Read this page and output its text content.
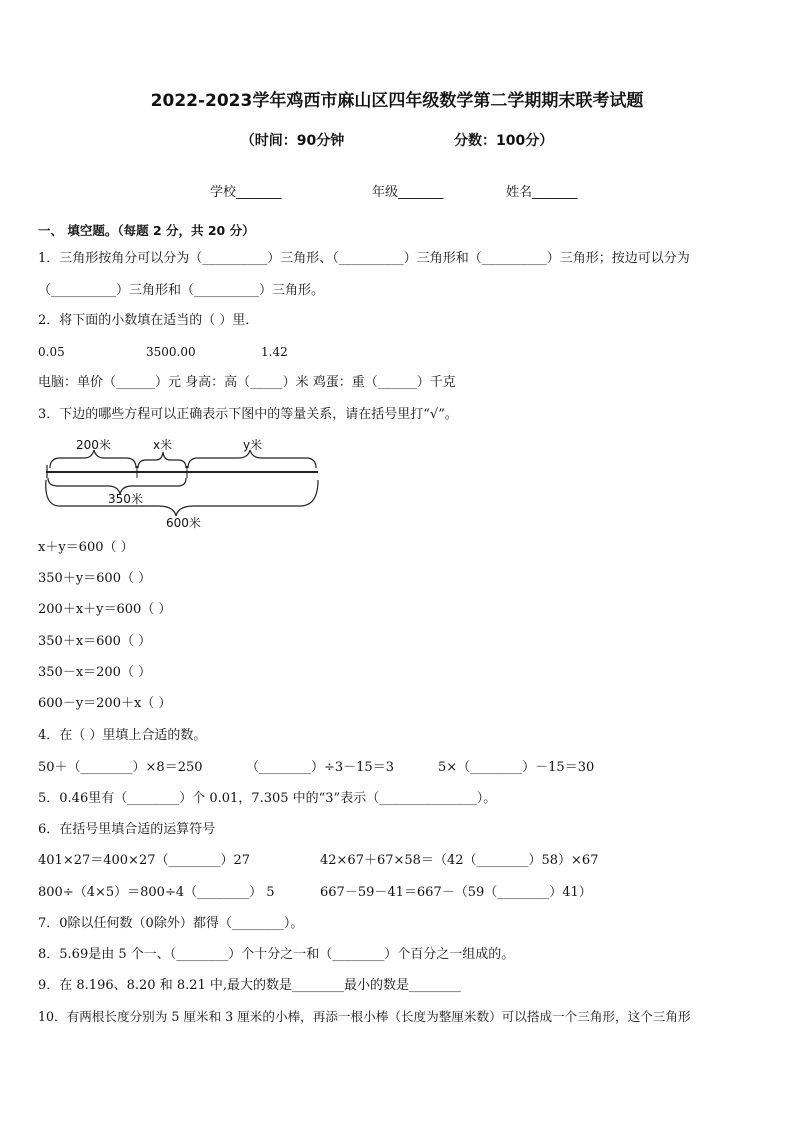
2022-2023学年鸡西市麻山区四年级数学第二学期期末联考试题
（时间：90分钟	分数：100分）
学校_______	年级_______	姓名_______
一、 填空题。（每题 2 分，共 20 分）
1．三角形按角分可以分为（__________）三角形、（__________）三角形和（__________）三角形；按边可以分为
（__________）三角形和（__________）三角形。
2．将下面的小数填在适当的（ ）里．
0.05	3500.00	1.42
电脑：单价（______）元 身高：高（_____）米 鸡蛋：重（______）千克
3．下边的哪些方程可以正确表示下图中的等量关系，请在括号里打“√”。
200米	x米	y米
350米
600米
x＋y＝600（ ）
350＋y＝600（ ）
200＋x＋y＝600（ ）
350＋x＝600（ ）
350－x＝200（ ）
600－y＝200＋x（ ）
4．在（ ）里填上合适的数。
50＋（________）×8＝250	（________）÷3－15＝3	5×（________）－15＝30
5．0.46里有（________）个 0.01，7.305 中的“3”表示（_______________）。
6．在括号里填合适的运算符号
401×27＝400×27（________）27	42×67＋67×58＝（42（________）58）×67
800÷（4×5）＝800÷4（________） 5	667－59－41＝667－（59（________）41）
7．0除以任何数（0除外）都得（________）。
8．5.69是由 5 个一、（________）个十分之一和（________）个百分之一组成的。
9．在 8.196、8.20 和 8.21 中,最大的数是________最小的数是________
10．有两根长度分别为 5 厘米和 3 厘米的小棒，再添一根小棒（长度为整厘米数）可以搭成一个三角形，这个三角形
